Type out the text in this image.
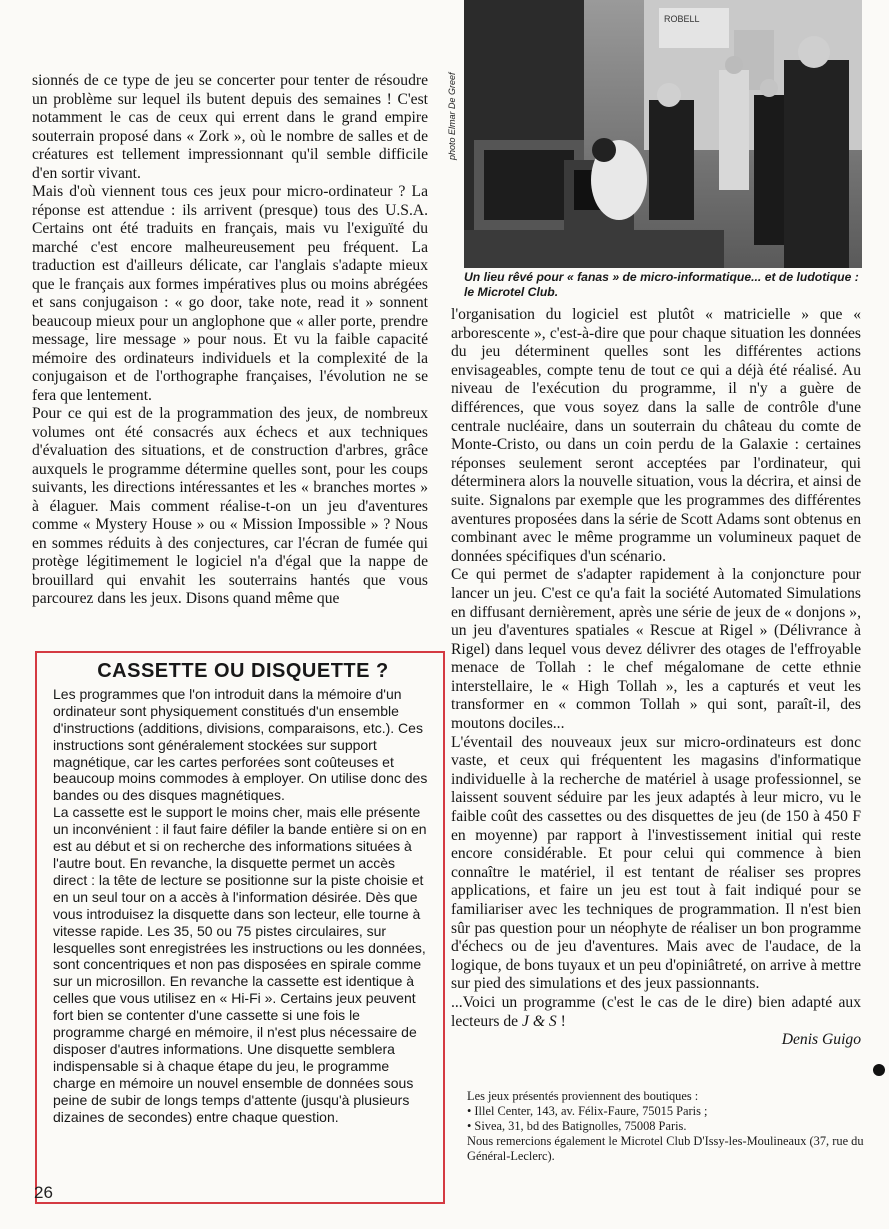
sionnés de ce type de jeu se concerter pour tenter de résoudre un problème sur lequel ils butent depuis des semaines ! C'est notamment le cas de ceux qui errent dans le grand empire souterrain proposé dans « Zork », où le nombre de salles et de créatures est tellement impressionnant qu'il semble difficile d'en sortir vivant.

Mais d'où viennent tous ces jeux pour micro-ordinateur ? La réponse est attendue : ils arrivent (presque) tous des U.S.A. Certains ont été traduits en français, mais vu l'exiguïté du marché c'est encore malheureusement peu fréquent. La traduction est d'ailleurs délicate, car l'anglais s'adapte mieux que le français aux formes impératives plus ou moins abrégées et sans conjugaison : « go door, take note, read it » sonnent beaucoup mieux pour un anglophone que « aller porte, prendre message, lire message » pour nous. Et vu la faible capacité mémoire des ordinateurs individuels et la complexité de la conjugaison et de l'orthographe françaises, l'évolution ne se fera que lentement.

Pour ce qui est de la programmation des jeux, de nombreux volumes ont été consacrés aux échecs et aux techniques d'évaluation des situations, et de construction d'arbres, grâce auxquels le programme détermine quelles sont, pour les coups suivants, les directions intéressantes et les « branches mortes » à élaguer. Mais comment réalise-t-on un jeu d'aventures comme « Mystery House » ou « Mission Impossible » ? Nous en sommes réduits à des conjectures, car l'écran de fumée qui protège légitimement le logiciel n'a d'égal que la nappe de brouillard qui envahit les souterrains hantés que vous parcourez dans les jeux. Disons quand même que

ROBELL
photo Elmar De Greef
Un lieu rêvé pour « fanas » de micro-informatique... et de ludotique : le Microtel Club.

l'organisation du logiciel est plutôt « matricielle » que « arborescente », c'est-à-dire que pour chaque situation les données du jeu déterminent quelles sont les différentes actions envisageables, compte tenu de tout ce qui a déjà été réalisé. Au niveau de l'exécution du programme, il n'y a guère de différences, que vous soyez dans la salle de contrôle d'une centrale nucléaire, dans un souterrain du château du comte de Monte-Cristo, ou dans un coin perdu de la Galaxie : certaines réponses seulement seront acceptées par l'ordinateur, qui déterminera alors la nouvelle situation, vous la décrira, et ainsi de suite. Signalons par exemple que les programmes des différentes aventures proposées dans la série de Scott Adams sont obtenus en combinant avec le même programme un volumineux paquet de données spécifiques d'un scénario.

Ce qui permet de s'adapter rapidement à la conjoncture pour lancer un jeu. C'est ce qu'a fait la société Automated Simulations en diffusant dernièrement, après une série de jeux de « donjons », un jeu d'aventures spatiales « Rescue at Rigel » (Délivrance à Rigel) dans lequel vous devez délivrer des otages de l'effroyable menace de Tollah : le chef mégalomane de cette ethnie interstellaire, le « High Tollah », les a capturés et veut les transformer en « common Tollah » qui sont, paraît-il, des moutons dociles...

L'éventail des nouveaux jeux sur micro-ordinateurs est donc vaste, et ceux qui fréquentent les magasins d'informatique individuelle à la recherche de matériel à usage professionnel, se laissent souvent séduire par les jeux adaptés à leur micro, vu le faible coût des cassettes ou des disquettes de jeu (de 150 à 450 F en moyenne) par rapport à l'investissement initial qui reste encore considérable. Et pour celui qui commence à bien connaître le matériel, il est tentant de réaliser ses propres applications, et faire un jeu est tout à fait indiqué pour se familiariser avec les techniques de programmation. Il n'est bien sûr pas question pour un néophyte de réaliser un bon programme d'échecs ou de jeu d'aventures. Mais avec de l'audace, de la logique, de bons tuyaux et un peu d'opiniâtreté, on arrive à mettre sur pied des simulations et des jeux passionnants.

...Voici un programme (c'est le cas de le dire) bien adapté aux lecteurs de J & S !

Denis Guigo

CASSETTE OU DISQUETTE ?

Les programmes que l'on introduit dans la mémoire d'un ordinateur sont physiquement constitués d'un ensemble d'instructions (additions, divisions, comparaisons, etc.). Ces instructions sont généralement stockées sur support magnétique, car les cartes perforées sont coûteuses et beaucoup moins commodes à employer. On utilise donc des bandes ou des disques magnétiques.

La cassette est le support le moins cher, mais elle présente un inconvénient : il faut faire défiler la bande entière si on en est au début et si on recherche des informations situées à l'autre bout. En revanche, la disquette permet un accès direct : la tête de lecture se positionne sur la piste choisie et en un seul tour on a accès à l'information désirée. Dès que vous introduisez la disquette dans son lecteur, elle tourne à vitesse rapide. Les 35, 50 ou 75 pistes circulaires, sur lesquelles sont enregistrées les instructions ou les données, sont concentriques et non pas disposées en spirale comme sur un microsillon. En revanche la cassette est identique à celles que vous utilisez en « Hi-Fi ». Certains jeux peuvent fort bien se contenter d'une cassette si une fois le programme chargé en mémoire, il n'est plus nécessaire de disposer d'autres informations. Une disquette semblera indispensable si à chaque étape du jeu, le programme charge en mémoire un nouvel ensemble de données sous peine de subir de longs temps d'attente (jusqu'à plusieurs dizaines de secondes) entre chaque question.

Les jeux présentés proviennent des boutiques :

• Illel Center, 143, av. Félix-Faure, 75015 Paris ;

• Sivea, 31, bd des Batignolles, 75008 Paris.

Nous remercions également le Microtel Club D'Issy-les-Moulineaux (37, rue du Général-Leclerc).

26
